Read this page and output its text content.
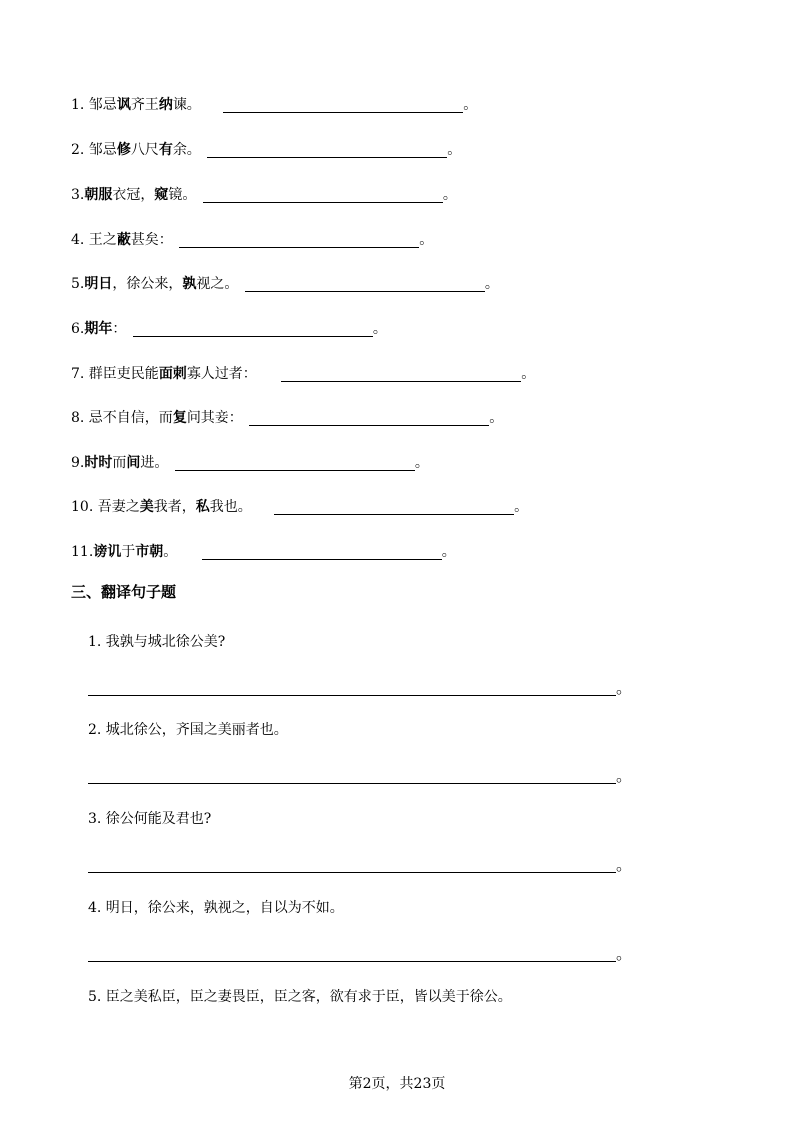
1. 邹忌讽齐王纳谏。	。
2. 邹忌修八尺有余。	。
3.朝服衣冠，窥镜。	。
4. 王之蔽甚矣：	。
5.明日，徐公来，孰视之。	。
6.期年：	。
7. 群臣吏民能面刺寡人过者：	。
8. 忌不自信，而复问其妾：	。
9.时时而间进。	。
10. 吾妻之美我者，私我也。	。
11.谤讥于市朝。	。
三、翻译句子题
1. 我孰与城北徐公美?
。
2. 城北徐公，齐国之美丽者也。
。
3. 徐公何能及君也?
。
4. 明日，徐公来，孰视之，自以为不如。
。
5. 臣之美私臣，臣之妻畏臣，臣之客，欲有求于臣，皆以美于徐公。
第2页，共23页
